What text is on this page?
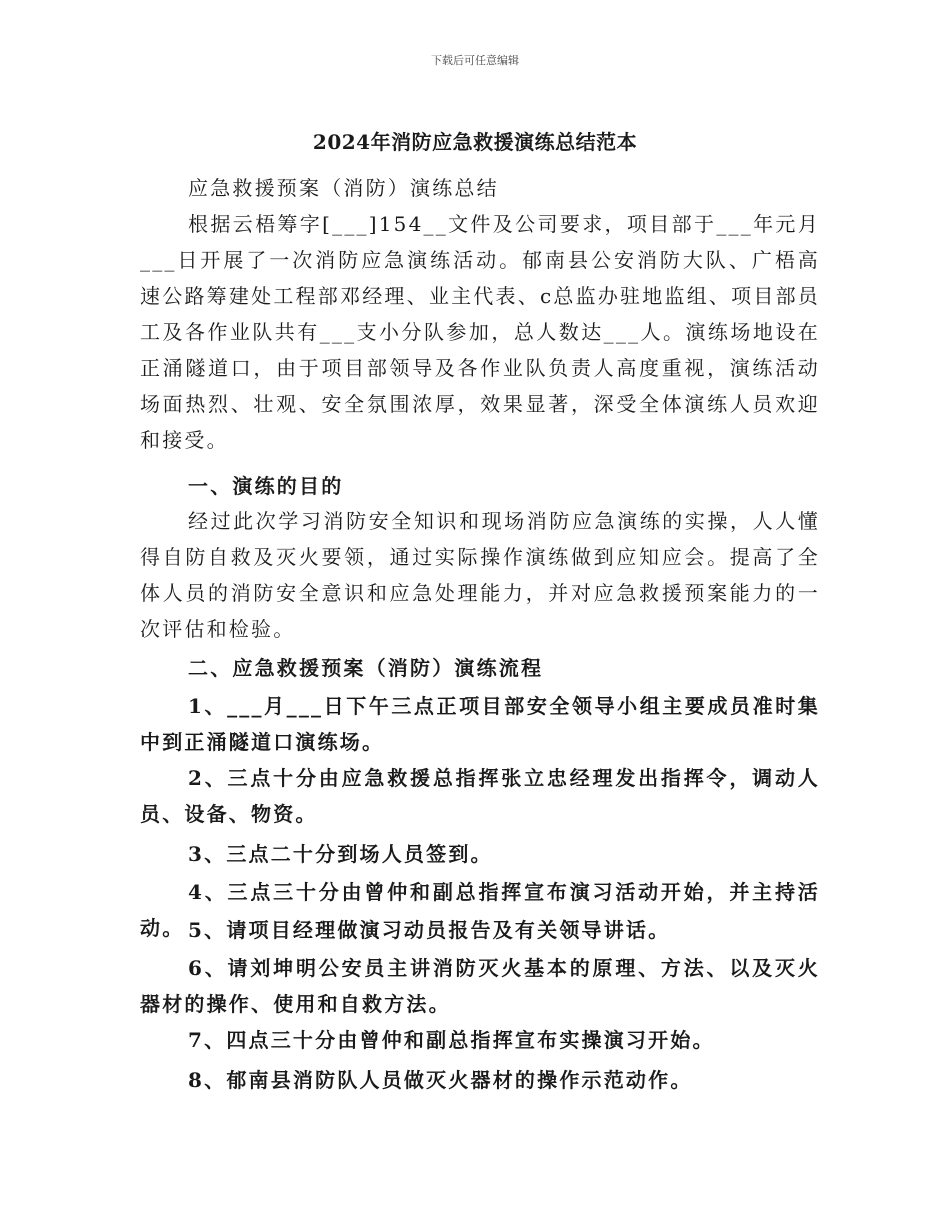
下载后可任意编辑
2024年消防应急救援演练总结范本

应急救援预案（消防）演练总结

根据云梧筹字[___]154__文件及公司要求，项目部于___年元月___日开展了一次消防应急演练活动。郁南县公安消防大队、广梧高速公路筹建处工程部邓经理、业主代表、c总监办驻地监组、项目部员工及各作业队共有___支小分队参加，总人数达___人。演练场地设在正涌隧道口，由于项目部领导及各作业队负责人高度重视，演练活动场面热烈、壮观、安全氛围浓厚，效果显著，深受全体演练人员欢迎和接受。

一、演练的目的

经过此次学习消防安全知识和现场消防应急演练的实操，人人懂得自防自救及灭火要领，通过实际操作演练做到应知应会。提高了全体人员的消防安全意识和应急处理能力，并对应急救援预案能力的一次评估和检验。

二、应急救援预案（消防）演练流程

1、___月___日下午三点正项目部安全领导小组主要成员准时集中到正涌隧道口演练场。

2、三点十分由应急救援总指挥张立忠经理发出指挥令，调动人员、设备、物资。

3、三点二十分到场人员签到。

4、三点三十分由曾仲和副总指挥宣布演习活动开始，并主持活动。 5、请项目经理做演习动员报告及有关领导讲话。

6、请刘坤明公安员主讲消防灭火基本的原理、方法、以及灭火器材的操作、使用和自救方法。

7、四点三十分由曾仲和副总指挥宣布实操演习开始。

8、郁南县消防队人员做灭火器材的操作示范动作。
